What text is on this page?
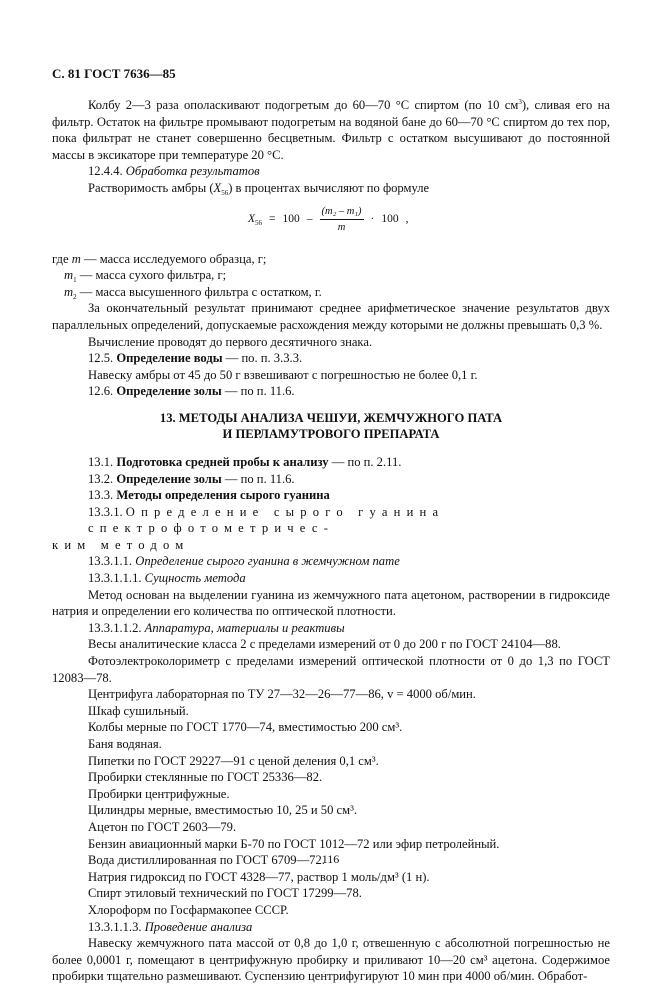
С. 81 ГОСТ 7636—85

Колбу 2—3 раза ополаскивают подогретым до 60—70 °С спиртом (по 10 $см^3$), сливая его на фильтр. Остаток на фильтре промывают подогретым на водяной бане до 60—70 °С спиртом до тех пор, пока фильтрат не станет совершенно бесцветным. Фильтр с остатком высушивают до постоянной массы в эксикаторе при температуре 20 °С.

12.4.4. Обработка результатов

Растворимость амбры $(X_{56})$ в процентах вычисляют по формуле

$X_{56} = 100 - \frac{\text{(m₂ – m₁)}}{m} \cdot 100$ ,

где m — масса исследуемого образца, г;

$m_1$ — масса сухого фильтра, г;

$m_2$ — масса высушенного фильтра с остатком, г.

За окончательный результат принимают среднее арифметическое значение результатов двух параллельных определений, допускаемые расхождения между которыми не должны превышать 0,3 %.

Вычисление проводят до первого десятичного знака.

12.5. Определение воды — по. п. 3.3.3.

Навеску амбры от 45 до 50 г взвешивают с погрешностью не более 0,1 г.

12.6. Определение золы — по п. 11.6.

13. МЕТОДЫ АНАЛИЗА ЧЕШУИ, ЖЕМЧУЖНОГО ПАТА
И ПЕРЛАМУТРОВОГО ПРЕПАРАТА

13.1. Подготовка средней пробы к анализу — по п. 2.11.

13.2. Определение золы — по п. 11.6.

13.3. Методы определения сырого гуанина

13.3.1. Определение сырого гуанина спектрофотометричес-

ким методом

13.3.1.1. Определение сырого гуанина в жемчужном пате

13.3.1.1.1. Сущность метода

Метод основан на выделении гуанина из жемчужного пата ацетоном, растворении в гидроксиде натрия и определении его количества по оптической плотности.

13.3.1.1.2. Аппаратура, материалы и реактивы

Весы аналитические класса 2 с пределами измерений от 0 до 200 г по ГОСТ 24104—88.

Фотоэлектроколориметр с пределами измерений оптической плотности от 0 до 1,3 по ГОСТ 12083—78.

Центрифуга лабораторная по ТУ 27—32—26—77—86, v = 4000 об/мин.

Шкаф сушильный.

Колбы мерные по ГОСТ 1770—74, вместимостью 200 см³.

Баня водяная.

Пипетки по ГОСТ 29227—91 с ценой деления 0,1 см³.

Пробирки стеклянные по ГОСТ 25336—82.

Пробирки центрифужные.

Цилиндры мерные, вместимостью 10, 25 и 50 см³.

Ацетон по ГОСТ 2603—79.

Бензин авиационный марки Б-70 по ГОСТ 1012—72 или эфир петролейный.

Вода дистиллированная по ГОСТ 6709—72.

Натрия гидроксид по ГОСТ 4328—77, раствор 1 моль/дм³ (1 н).

Спирт этиловый технический по ГОСТ 17299—78.

Хлороформ по Госфармакопее СССР.

13.3.1.1.3. Проведение анализа

Навеску жемчужного пата массой от 0,8 до 1,0 г, отвешенную с абсолютной погрешностью не более 0,0001 г, помещают в центрифужную пробирку и приливают 10—20 см³ ацетона. Содержимое пробирки тщательно размешивают. Суспензию центрифугируют 10 мин при 4000 об/мин. Обработ-

116
